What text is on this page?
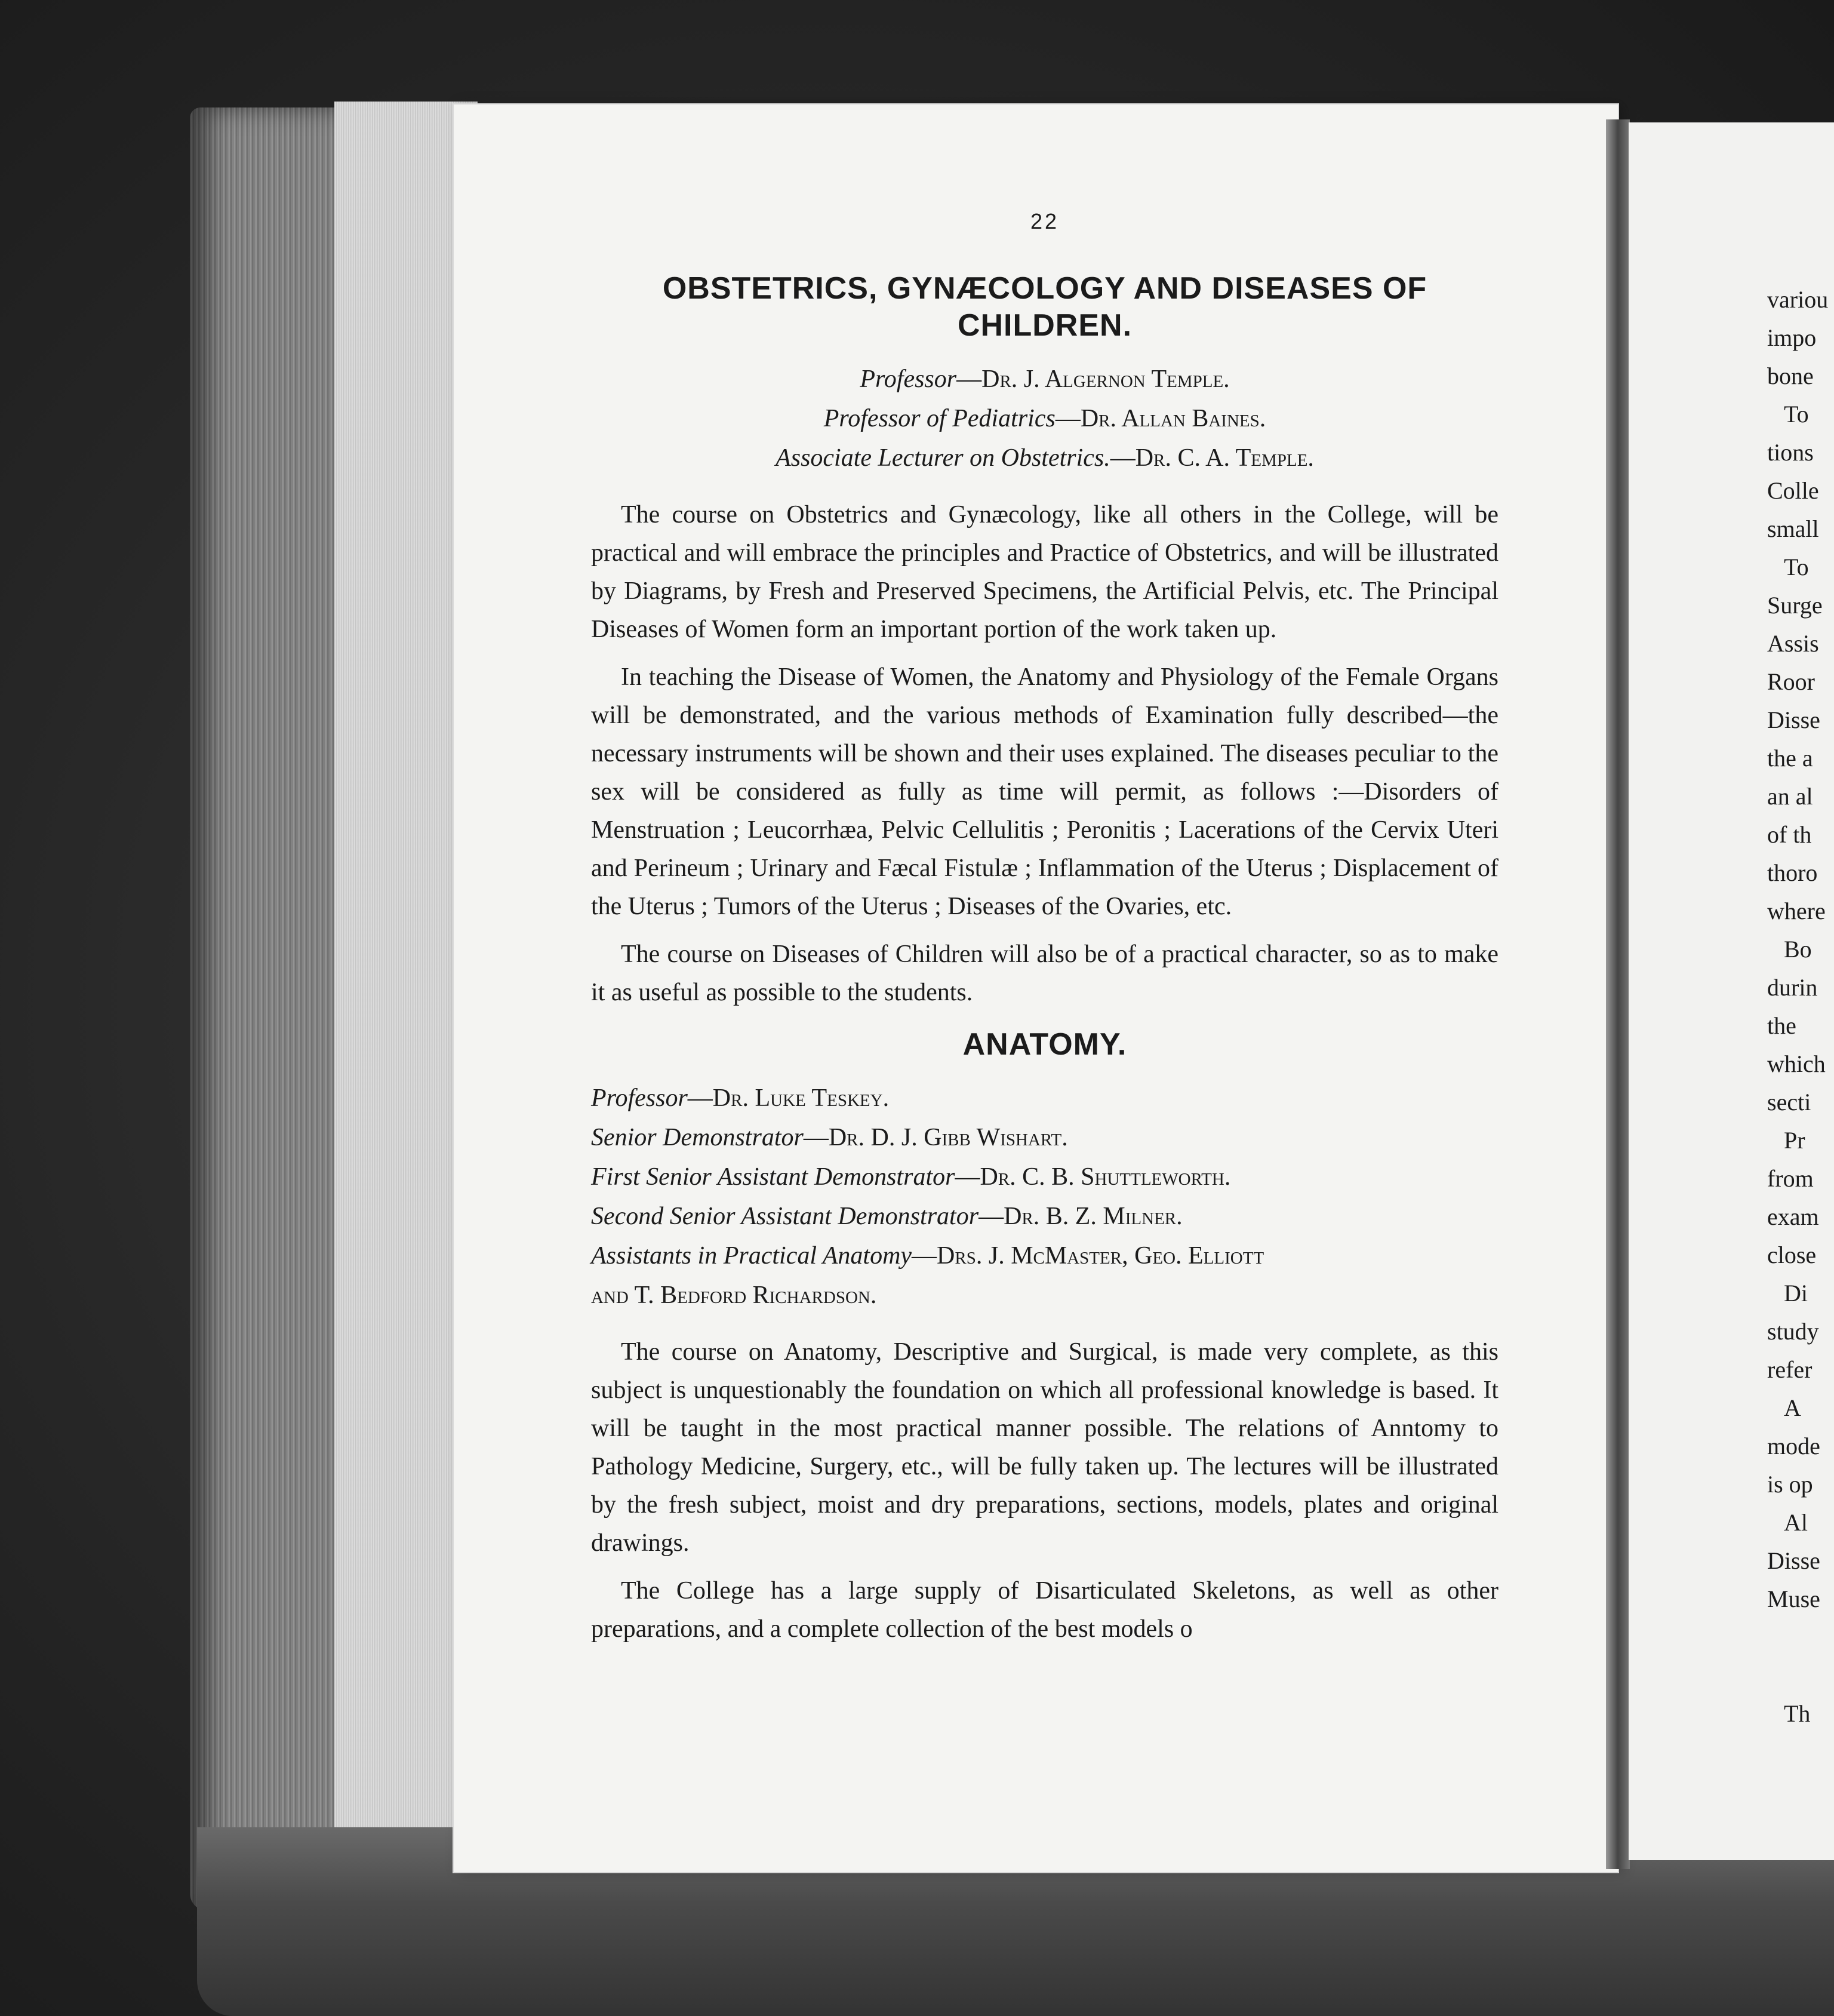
22
OBSTETRICS, GYNÆCOLOGY AND DISEASES OF
CHILDREN.
Professor—Dr. J. Algernon Temple.
Professor of Pediatrics—Dr. Allan Baines.
Associate Lecturer on Obstetrics.—Dr. C. A. Temple.

The course on Obstetrics and Gynæcology, like all others in the College, will be practical and will embrace the principles and Practice of Obstetrics, and will be illustrated by Diagrams, by Fresh and Preserved Specimens, the Artificial Pelvis, etc. The Principal Diseases of Women form an important portion of the work taken up.

In teaching the Disease of Women, the Anatomy and Physiology of the Female Organs will be demonstrated, and the various methods of Examination fully described—the necessary instruments will be shown and their uses explained. The diseases peculiar to the sex will be considered as fully as time will permit, as follows :—Disorders of Menstruation ; Leucorrhæa, Pelvic Cellulitis ; Peronitis ; Lacerations of the Cervix Uteri and Perineum ; Urinary and Fæcal Fistulæ ; Inflammation of the Uterus ; Displacement of the Uterus ; Tumors of the Uterus ; Diseases of the Ovaries, etc.

The course on Diseases of Children will also be of a practical character, so as to make it as useful as possible to the students.

ANATOMY.
Professor—Dr. Luke Teskey.
Senior Demonstrator—Dr. D. J. Gibb Wishart.
First Senior Assistant Demonstrator—Dr. C. B. Shuttleworth.
Second Senior Assistant Demonstrator—Dr. B. Z. Milner.
Assistants in Practical Anatomy—Drs. J. McMaster, Geo. Elliott
and T. Bedford Richardson.

The course on Anatomy, Descriptive and Surgical, is made very complete, as this subject is unquestionably the foundation on which all professional knowledge is based. It will be taught in the most practical manner possible. The relations of Anntomy to Pathology Medicine, Surgery, etc., will be fully taken up. The lectures will be illustrated by the fresh subject, moist and dry preparations, sections, models, plates and original drawings.

The College has a large supply of Disarticulated Skeletons, as well as other preparations, and a complete collection of the best models o

variou
impo
bone
To
tions
Colle
small
To
Surge
Assis
Roor
Disse
the a
an al
of th
thoro
where
Bo
durin
the
which
secti
Pr
from
exam
close
Di
study
refer
A
mode
is op
Al
Disse
Muse

Th
